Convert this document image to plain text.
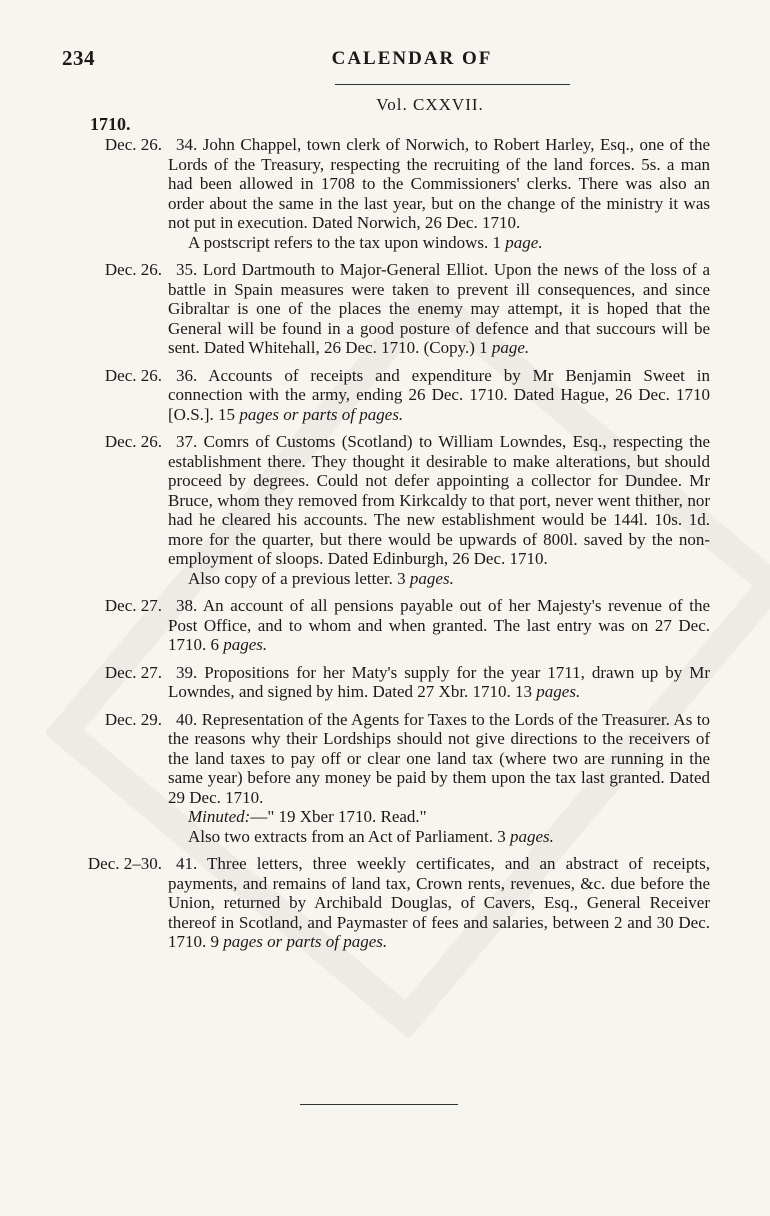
234	CALENDAR OF
Vol. CXXVII.
1710.
Dec. 26. 34. John Chappel, town clerk of Norwich, to Robert Harley, Esq., one of the Lords of the Treasury, respecting the recruiting of the land forces. 5s. a man had been allowed in 1708 to the Commissioners' clerks. There was also an order about the same in the last year, but on the change of the ministry it was not put in execution. Dated Norwich, 26 Dec. 1710.
A postscript refers to the tax upon windows. 1 page.
Dec. 26. 35. Lord Dartmouth to Major-General Elliot. Upon the news of the loss of a battle in Spain measures were taken to prevent ill consequences, and since Gibraltar is one of the places the enemy may attempt, it is hoped that the General will be found in a good posture of defence and that succours will be sent. Dated Whitehall, 26 Dec. 1710. (Copy.) 1 page.
Dec. 26. 36. Accounts of receipts and expenditure by Mr Benjamin Sweet in connection with the army, ending 26 Dec. 1710. Dated Hague, 26 Dec. 1710 [O.S.]. 15 pages or parts of pages.
Dec. 26. 37. Comrs of Customs (Scotland) to William Lowndes, Esq., respecting the establishment there. They thought it desirable to make alterations, but should proceed by degrees. Could not defer appointing a collector for Dundee. Mr Bruce, whom they removed from Kirkcaldy to that port, never went thither, nor had he cleared his accounts. The new establishment would be 144l. 10s. 1d. more for the quarter, but there would be upwards of 800l. saved by the non-employment of sloops. Dated Edinburgh, 26 Dec. 1710.
Also copy of a previous letter. 3 pages.
Dec. 27. 38. An account of all pensions payable out of her Majesty's revenue of the Post Office, and to whom and when granted. The last entry was on 27 Dec. 1710. 6 pages.
Dec. 27. 39. Propositions for her Maty's supply for the year 1711, drawn up by Mr Lowndes, and signed by him. Dated 27 Xbr. 1710. 13 pages.
Dec. 29. 40. Representation of the Agents for Taxes to the Lords of the Treasurer. As to the reasons why their Lordships should not give directions to the receivers of the land taxes to pay off or clear one land tax (where two are running in the same year) before any money be paid by them upon the tax last granted. Dated 29 Dec. 1710.
Minuted:—" 19 Xber 1710. Read."
Also two extracts from an Act of Parliament. 3 pages.
Dec. 2–30. 41. Three letters, three weekly certificates, and an abstract of receipts, payments, and remains of land tax, Crown rents, revenues, &c. due before the Union, returned by Archibald Douglas, of Cavers, Esq., General Receiver thereof in Scotland, and Paymaster of fees and salaries, between 2 and 30 Dec. 1710. 9 pages or parts of pages.
